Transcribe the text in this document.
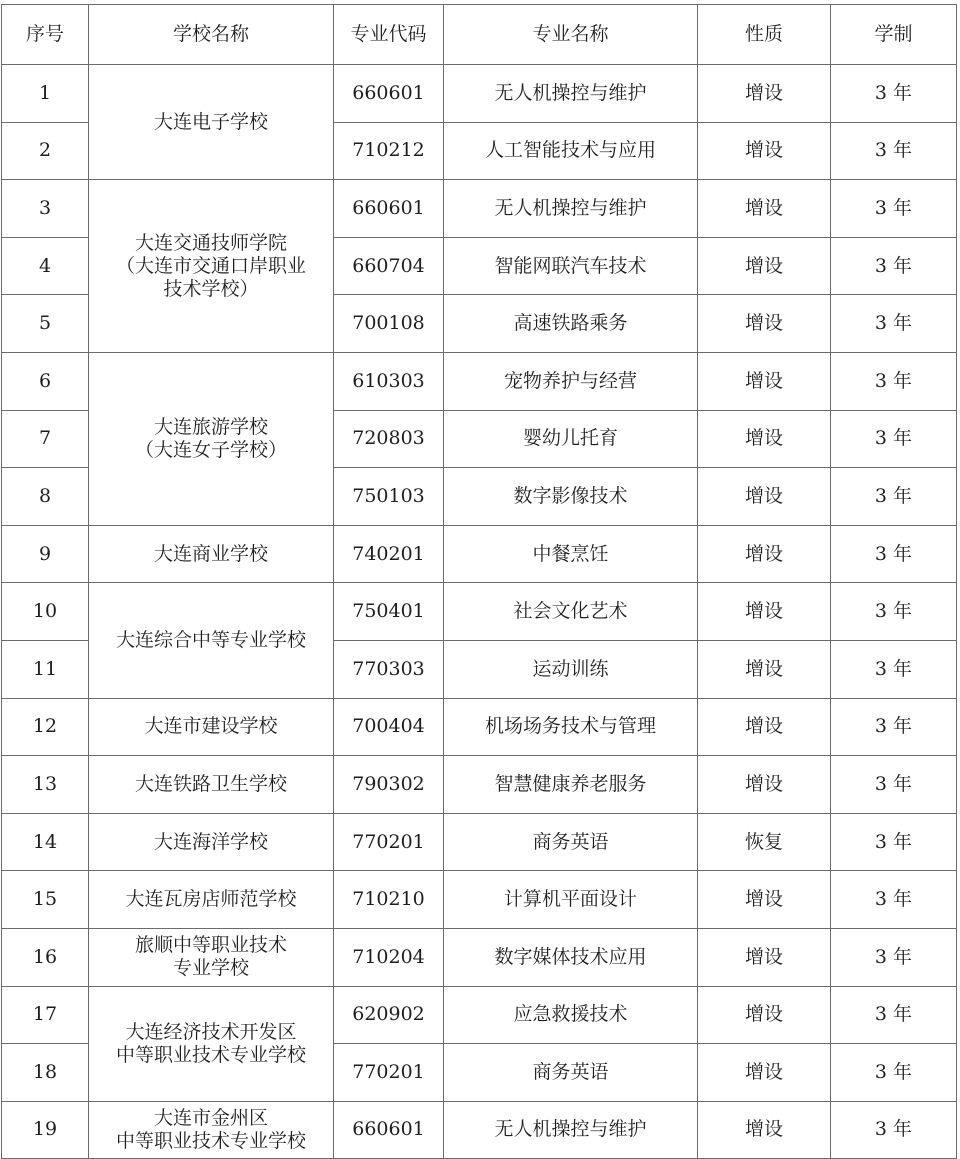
序号	学校名称	专业代码	专业名称	性质	学制
1	大连电子学校	660601	无人机操控与维护	增设	3 年
2		710212	人工智能技术与应用	增设	3 年
3	大连交通技师学院
（大连市交通口岸职业
技术学校）	660601	无人机操控与维护	增设	3 年
4		660704	智能网联汽车技术	增设	3 年
5		700108	高速铁路乘务	增设	3 年
6	大连旅游学校
（大连女子学校）	610303	宠物养护与经营	增设	3 年
7		720803	婴幼儿托育	增设	3 年
8		750103	数字影像技术	增设	3 年
9	大连商业学校	740201	中餐烹饪	增设	3 年
10	大连综合中等专业学校	750401	社会文化艺术	增设	3 年
11		770303	运动训练	增设	3 年
12	大连市建设学校	700404	机场场务技术与管理	增设	3 年
13	大连铁路卫生学校	790302	智慧健康养老服务	增设	3 年
14	大连海洋学校	770201	商务英语	恢复	3 年
15	大连瓦房店师范学校	710210	计算机平面设计	增设	3 年
16	旅顺中等职业技术
专业学校	710204	数字媒体技术应用	增设	3 年
17	大连经济技术开发区
中等职业技术专业学校	620902	应急救援技术	增设	3 年
18		770201	商务英语	增设	3 年
19	大连市金州区
中等职业技术专业学校	660601	无人机操控与维护	增设	3 年
